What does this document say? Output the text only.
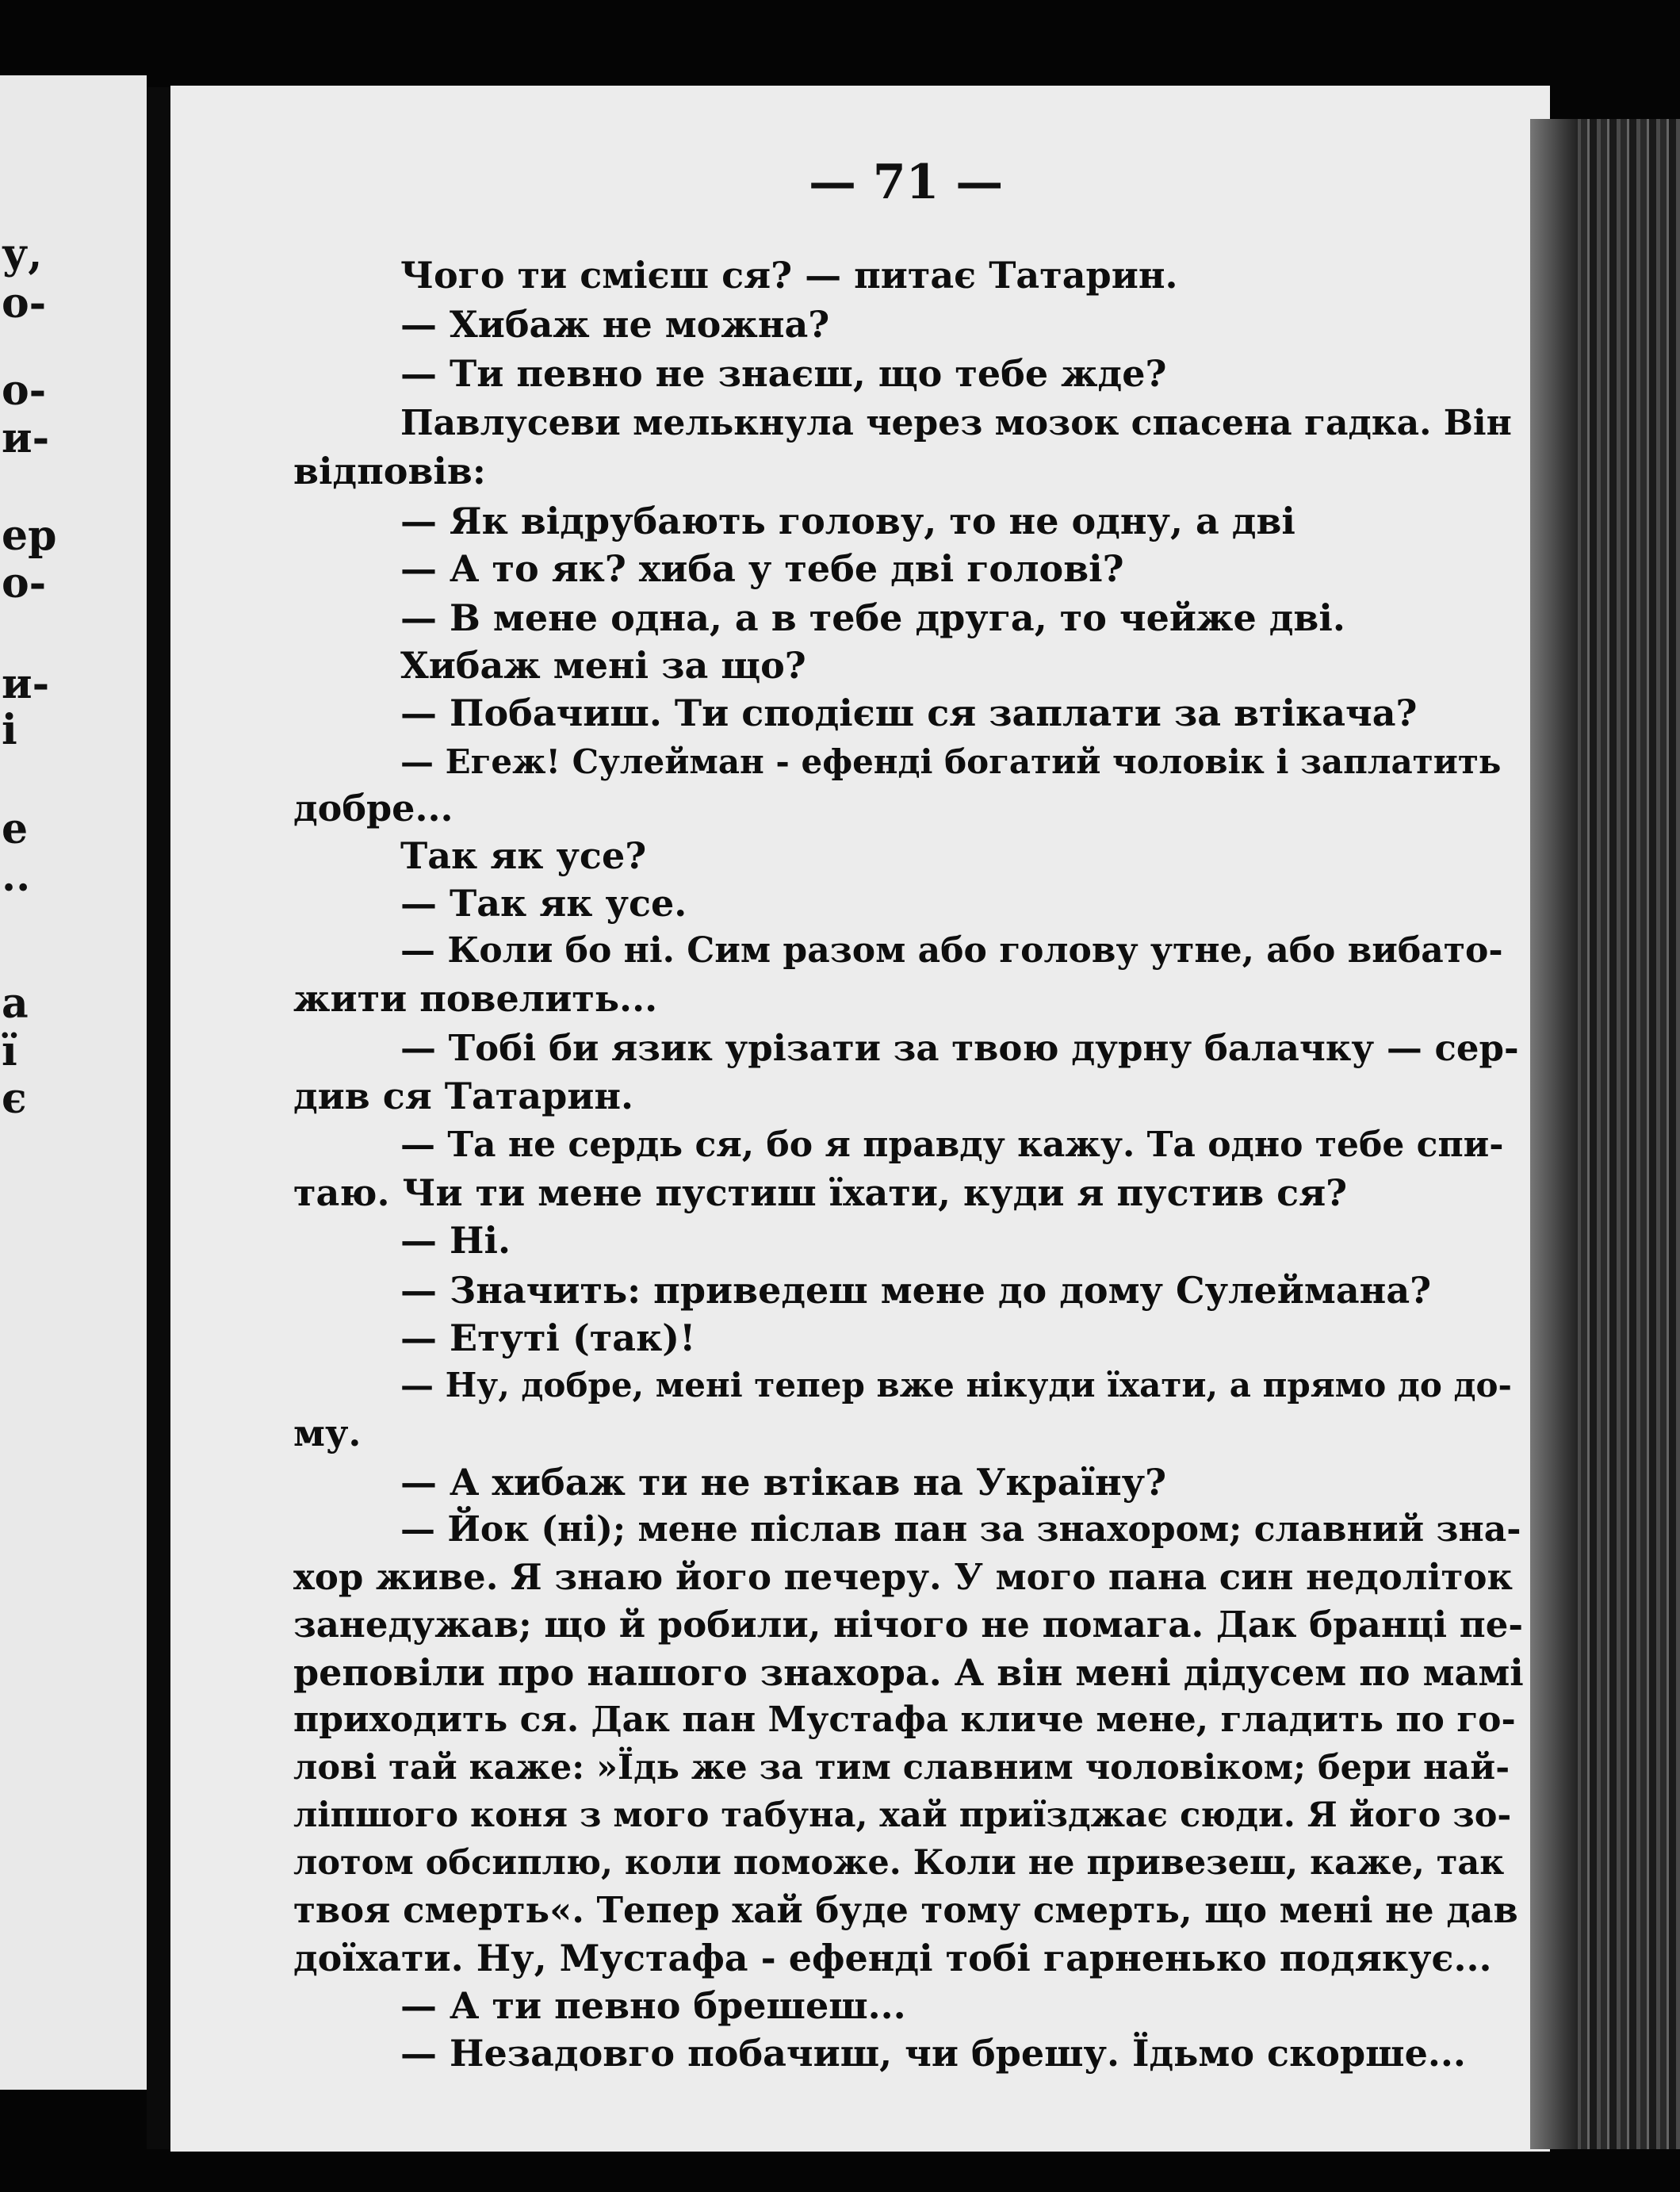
у,
о-
о-
и-
ер
о-
и-
і
е
..
а
ї
є
— 71 —
Чого ти смієш ся? — питає Татарин.
— Хибаж не можна?
— Ти певно не знаєш, що тебе жде?
Павлусеви мелькнула через мозок спасена гадка. Він
відповів:
— Як відрубають голову, то не одну, а дві
— А то як? хиба у тебе дві голові?
— В мене одна, а в тебе друга, то чейже дві.
Хибаж мені за що?
— Побачиш. Ти сподієш ся заплати за втікача?
— Егеж! Сулейман - ефенді богатий чоловік і заплатить
добре...
Так як усе?
— Так як усе.
— Коли бо ні. Сим разом або голову утне, або вибато-
жити повелить...
— Тобі би язик урізати за твою дурну балачку — сер-
див ся Татарин.
— Та не сердь ся, бо я правду кажу. Та одно тебе спи-
таю. Чи ти мене пустиш їхати, куди я пустив ся?
— Ні.
— Значить: приведеш мене до дому Сулеймана?
— Етуті (так)!
— Ну, добре, мені тепер вже нікуди їхати, а прямо до до-
му.
— А хибаж ти не втікав на Україну?
— Йок (ні); мене післав пан за знахором; славний зна-
хор живе. Я знаю його печеру. У мого пана син недоліток
занедужав; що й робили, нічого не помага. Дак бранці пе-
реповіли про нашого знахора. А він мені дідусем по мамі
приходить ся. Дак пан Мустафа кличе мене, гладить по го-
лові тай каже: »Їдь же за тим славним чоловіком; бери най-
ліпшого коня з мого табуна, хай приїзджає сюди. Я його зо-
лотом обсиплю, коли поможе. Коли не привезеш, каже, так
твоя смерть«. Тепер хай буде тому смерть, що мені не дав
доїхати. Ну, Мустафа - ефенді тобі гарненько подякує...
— А ти певно брешеш...
— Незадовго побачиш, чи брешу. Їдьмо скорше...
